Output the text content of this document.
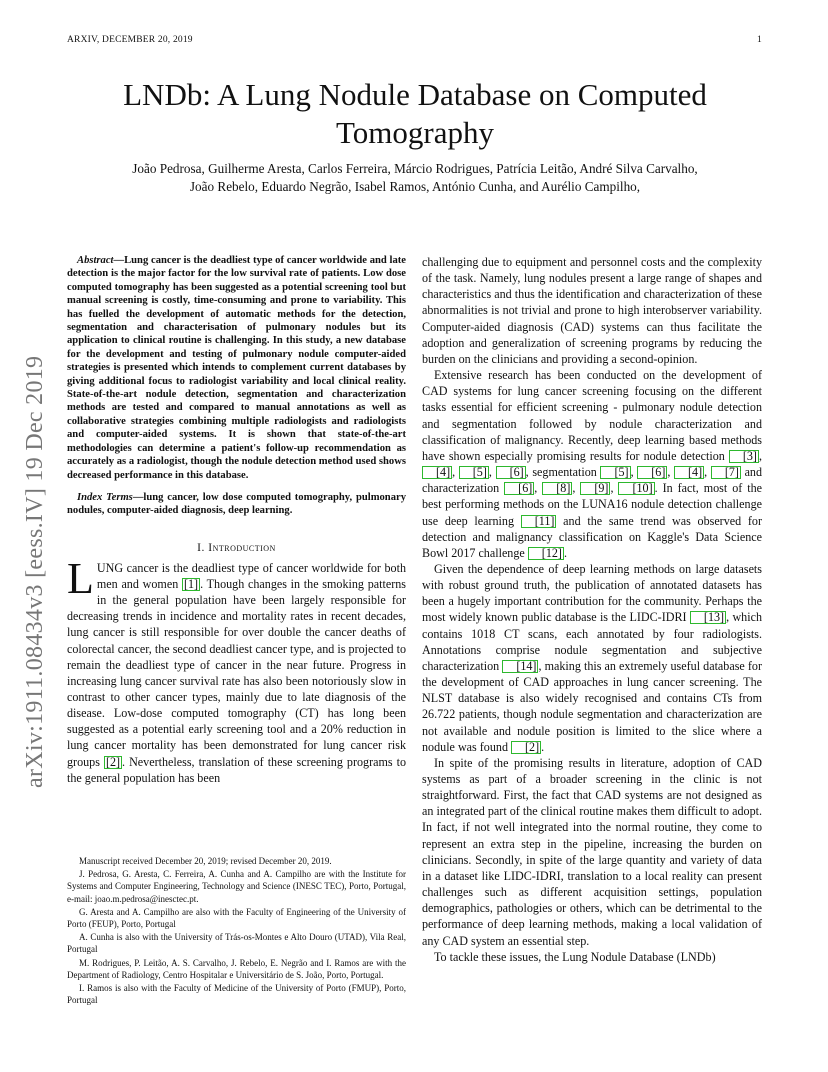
ARXIV, DECEMBER 20, 2019	1
arXiv:1911.08434v3 [eess.IV] 19 Dec 2019
LNDb: A Lung Nodule Database on Computed Tomography
João Pedrosa, Guilherme Aresta, Carlos Ferreira, Márcio Rodrigues, Patrícia Leitão, André Silva Carvalho,
João Rebelo, Eduardo Negrão, Isabel Ramos, António Cunha, and Aurélio Campilho,

Abstract—Lung cancer is the deadliest type of cancer worldwide and late detection is the major factor for the low survival rate of patients. Low dose computed tomography has been suggested as a potential screening tool but manual screening is costly, time-consuming and prone to variability. This has fuelled the development of automatic methods for the detection, segmentation and characterisation of pulmonary nodules but its application to clinical routine is challenging. In this study, a new database for the development and testing of pulmonary nodule computer-aided strategies is presented which intends to complement current databases by giving additional focus to radiologist variability and local clinical reality. State-of-the-art nodule detection, segmentation and characterization methods are tested and compared to manual annotations as well as collaborative strategies combining multiple radiologists and radiologists and computer-aided systems. It is shown that state-of-the-art methodologies can determine a patient's follow-up recommendation as accurately as a radiologist, though the nodule detection method used shows decreased performance in this database.

Index Terms—lung cancer, low dose computed tomography, pulmonary nodules, computer-aided diagnosis, deep learning.

I. Introduction

LUNG cancer is the deadliest type of cancer worldwide for both men and women [1] . Though changes in the smoking patterns in the general population have been largely responsible for decreasing trends in incidence and mortality rates in recent decades, lung cancer is still responsible for over double the cancer deaths of colorectal cancer, the second deadliest cancer type, and is projected to remain the deadliest type of cancer in the near future. Progress in increasing lung cancer survival rate has also been notoriously slow in contrast to other cancer types, mainly due to late diagnosis of the disease. Low-dose computed tomography (CT) has long been suggested as a potential early screening tool and a 20% reduction in lung cancer mortality has been demonstrated for lung cancer risk groups [2] . Nevertheless, translation of these screening programs to the general population has been

Manuscript received December 20, 2019; revised December 20, 2019.

J. Pedrosa, G. Aresta, C. Ferreira, A. Cunha and A. Campilho are with the Institute for Systems and Computer Engineering, Technology and Science (INESC TEC), Porto, Portugal, e-mail: joao.m.pedrosa@inesctec.pt.

G. Aresta and A. Campilho are also with the Faculty of Engineering of the University of Porto (FEUP), Porto, Portugal

A. Cunha is also with the University of Trás-os-Montes e Alto Douro (UTAD), Vila Real, Portugal

M. Rodrigues, P. Leitão, A. S. Carvalho, J. Rebelo, E. Negrão and I. Ramos are with the Department of Radiology, Centro Hospitalar e Universitário de S. João, Porto, Portugal.

I. Ramos is also with the Faculty of Medicine of the University of Porto (FMUP), Porto, Portugal

challenging due to equipment and personnel costs and the complexity of the task. Namely, lung nodules present a large range of shapes and characteristics and thus the identification and characterization of these abnormalities is not trivial and prone to high interobserver variability. Computer-aided diagnosis (CAD) systems can thus facilitate the adoption and generalization of screening programs by reducing the burden on the clinicians and providing a second-opinion.

Extensive research has been conducted on the development of CAD systems for lung cancer screening focusing on the different tasks essential for efficient screening - pulmonary nodule detection and segmentation followed by nodule characterization and classification of malignancy. Recently, deep learning based methods have shown especially promising results for nodule detection [3] , [4] , [5] , [6] , segmentation [5] , [6] , [4] , [7] and characterization [6] , [8] , [9] , [10] . In fact, most of the best performing methods on the LUNA16 nodule detection challenge use deep learning [11] and the same trend was observed for detection and malignancy classification on Kaggle's Data Science Bowl 2017 challenge [12] .

Given the dependence of deep learning methods on large datasets with robust ground truth, the publication of annotated datasets has been a hugely important contribution for the community. Perhaps the most widely known public database is the LIDC-IDRI [13] , which contains 1018 CT scans, each annotated by four radiologists. Annotations comprise nodule segmentation and subjective characterization [14] , making this an extremely useful database for the development of CAD approaches in lung cancer screening. The NLST database is also widely recognised and contains CTs from 26.722 patients, though nodule segmentation and characterization are not available and nodule position is limited to the slice where a nodule was found [2] .

In spite of the promising results in literature, adoption of CAD systems as part of a broader screening in the clinic is not straightforward. First, the fact that CAD systems are not designed as an integrated part of the clinical routine makes them difficult to adopt. In fact, if not well integrated into the normal routine, they come to represent an extra step in the pipeline, increasing the burden on clinicians. Secondly, in spite of the large quantity and variety of data in a dataset like LIDC-IDRI, translation to a local reality can present challenges such as different acquisition settings, population demographics, pathologies or others, which can be detrimental to the performance of deep learning methods, making a local validation of any CAD system an essential step.

To tackle these issues, the Lung Nodule Database (LNDb)
